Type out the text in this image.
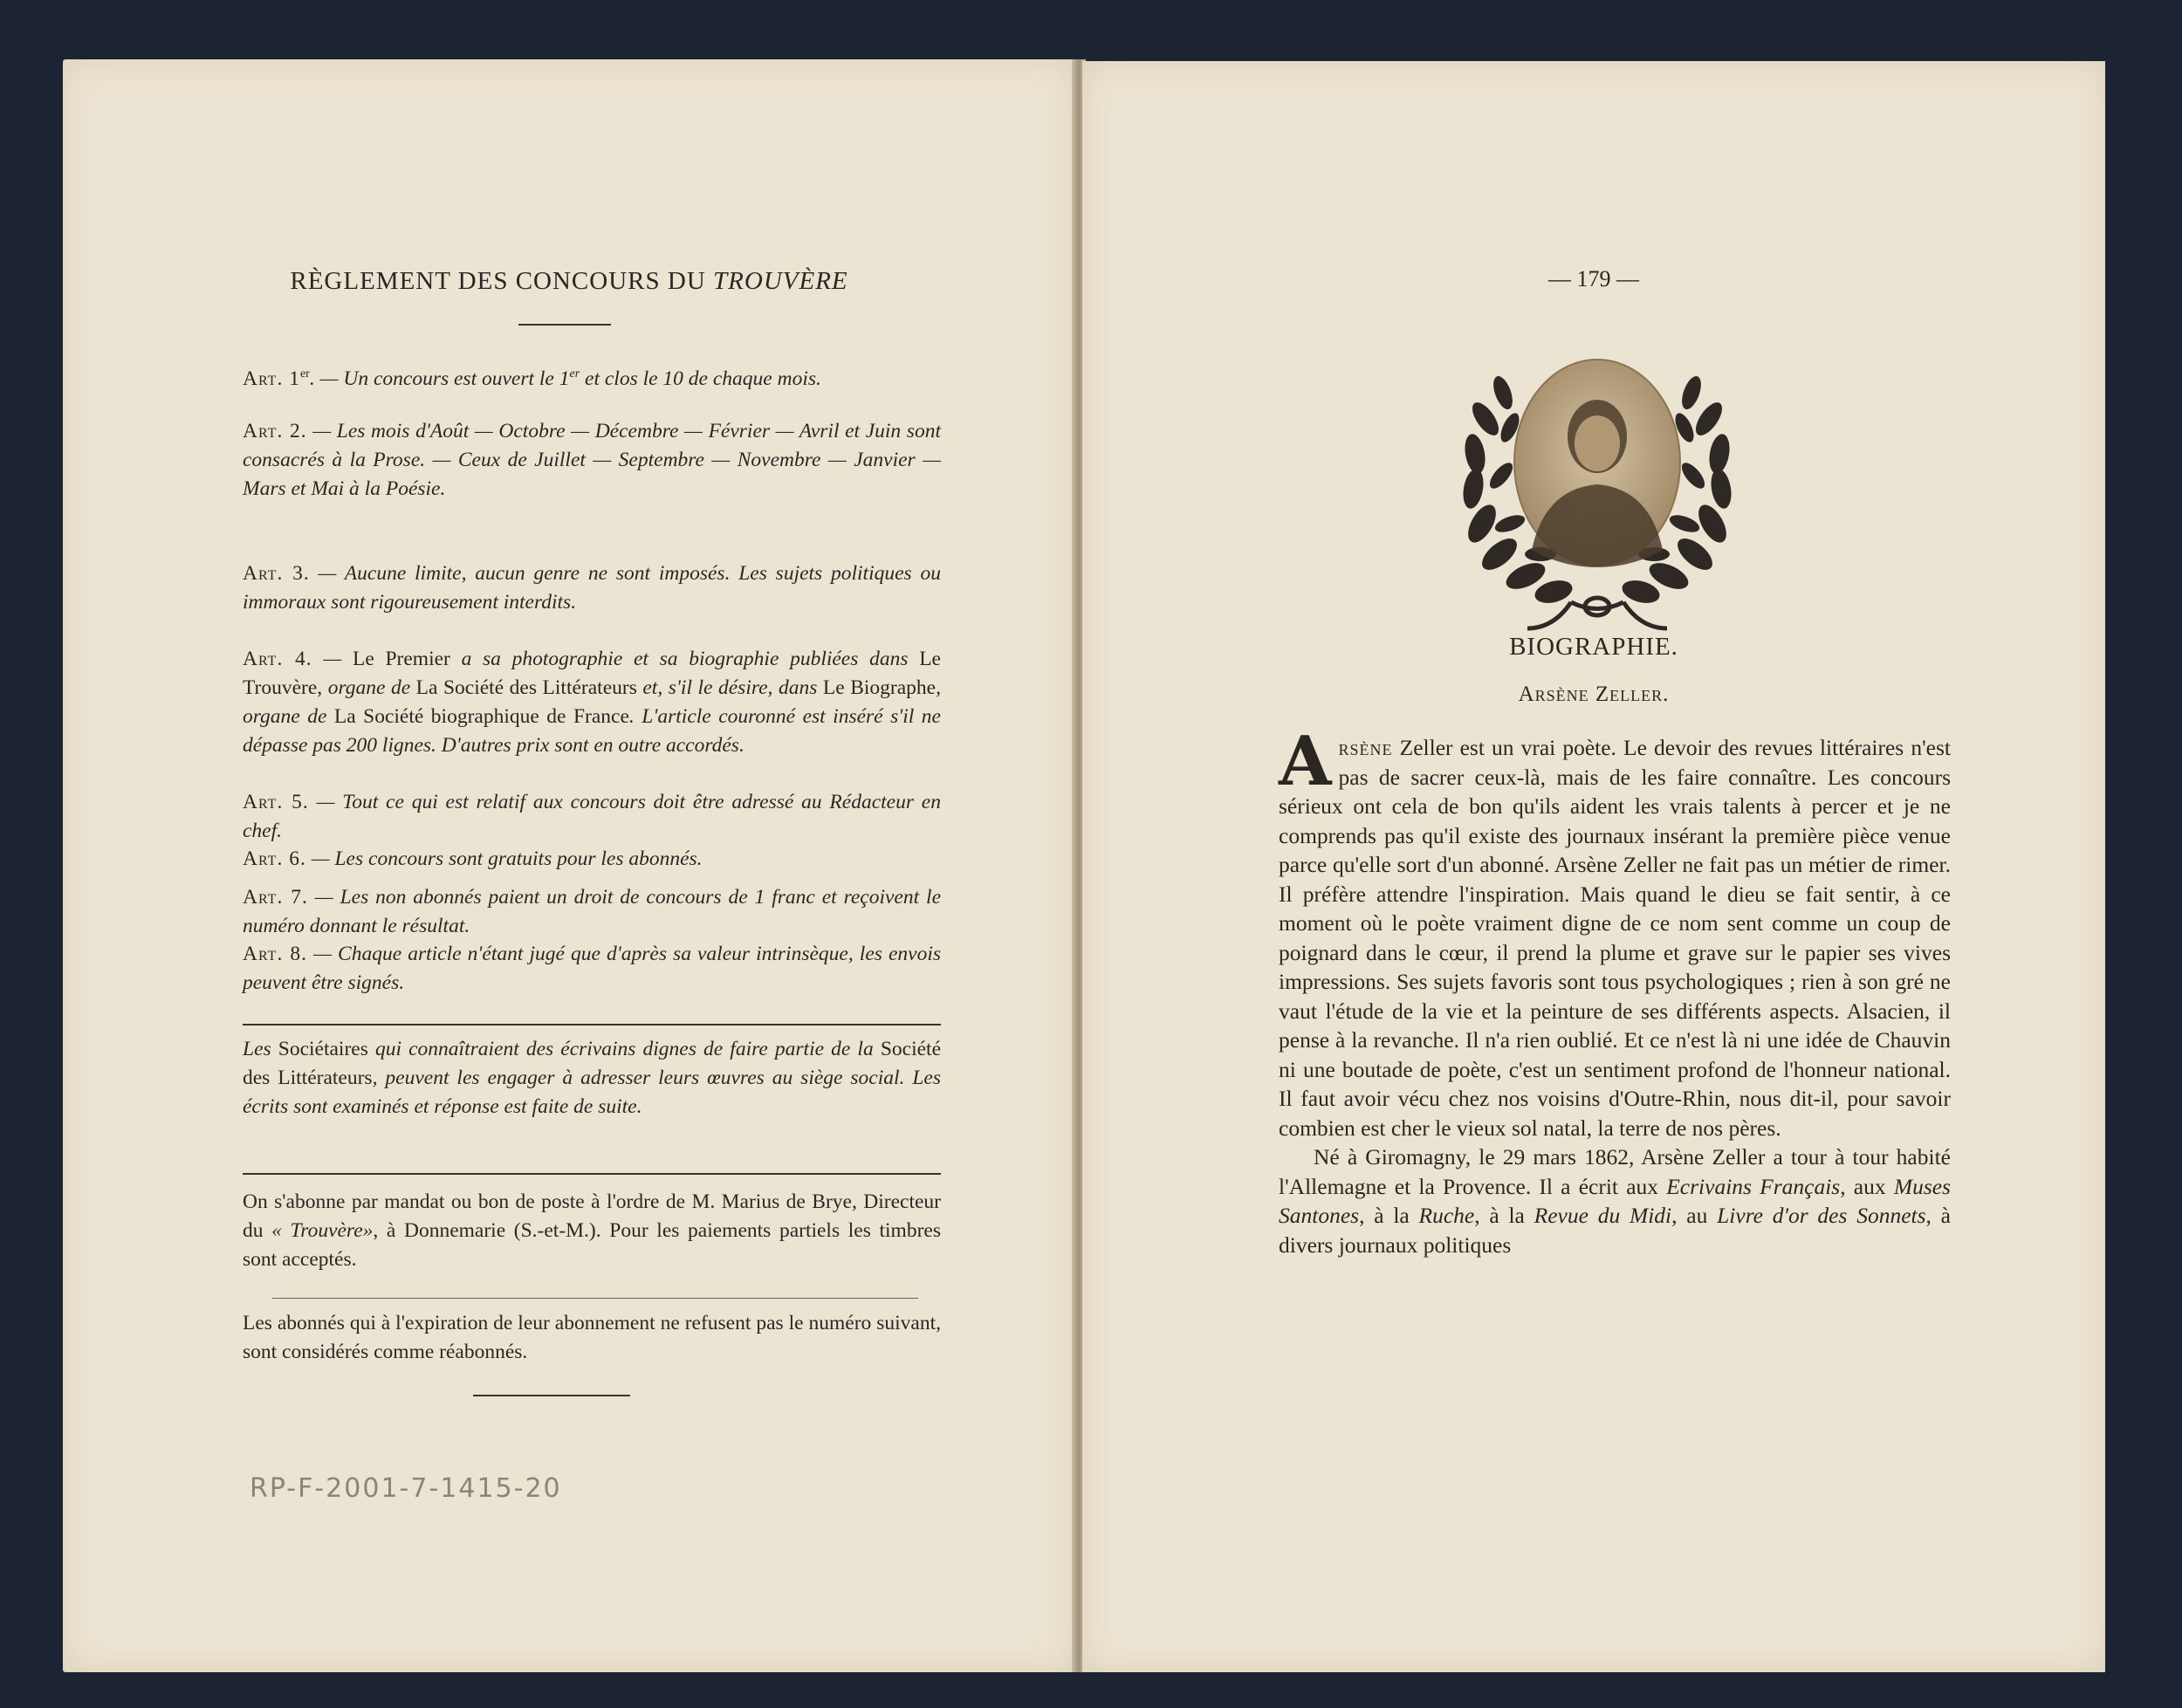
RÈGLEMENT DES CONCOURS DU TROUVÈRE
Art. 1er. — Un concours est ouvert le 1er et clos le 10 de chaque mois.
Art. 2. — Les mois d'Août — Octobre — Décembre — Février — Avril et Juin sont consacrés à la Prose. — Ceux de Juillet — Septembre — Novembre — Janvier — Mars et Mai à la Poésie.
Art. 3. — Aucune limite, aucun genre ne sont imposés. Les sujets politiques ou immoraux sont rigoureusement interdits.
Art. 4. — Le Premier a sa photographie et sa biographie publiées dans Le Trouvère, organe de La Société des Littérateurs et, s'il le désire, dans Le Biographe, organe de La Société biographique de France. L'article couronné est inséré s'il ne dépasse pas 200 lignes. D'autres prix sont en outre accordés.
Art. 5. — Tout ce qui est relatif aux concours doit être adressé au Rédacteur en chef.
Art. 6. — Les concours sont gratuits pour les abonnés.
Art. 7. — Les non abonnés paient un droit de concours de 1 franc et reçoivent le numéro donnant le résultat.
Art. 8. — Chaque article n'étant jugé que d'après sa valeur intrinsèque, les envois peuvent être signés.
Les Sociétaires qui connaîtraient des écrivains dignes de faire partie de la Société des Littérateurs, peuvent les engager à adresser leurs œuvres au siège social. Les écrits sont examinés et réponse est faite de suite.
On s'abonne par mandat ou bon de poste à l'ordre de M. Marius de Brye, Directeur du « Trouvère», à Donnemarie (S.-et-M.). Pour les paiements partiels les timbres sont acceptés.
Les abonnés qui à l'expiration de leur abonnement ne refusent pas le numéro suivant, sont considérés comme réabonnés.
RP-F-2001-7-1415-20
— 179 —
BIOGRAPHIE.
Arsène Zeller.

Arsène Zeller est un vrai poète. Le devoir des revues littéraires n'est pas de sacrer ceux-là, mais de les faire connaître. Les concours sérieux ont cela de bon qu'ils aident les vrais talents à percer et je ne comprends pas qu'il existe des journaux insérant la première pièce venue parce qu'elle sort d'un abonné. Arsène Zeller ne fait pas un métier de rimer. Il préfère attendre l'inspiration. Mais quand le dieu se fait sentir, à ce moment où le poète vraiment digne de ce nom sent comme un coup de poignard dans le cœur, il prend la plume et grave sur le papier ses vives impressions. Ses sujets favoris sont tous psychologiques ; rien à son gré ne vaut l'étude de la vie et la peinture de ses différents aspects. Alsacien, il pense à la revanche. Il n'a rien oublié. Et ce n'est là ni une idée de Chauvin ni une boutade de poète, c'est un sentiment profond de l'honneur national. Il faut avoir vécu chez nos voisins d'Outre-Rhin, nous dit-il, pour savoir combien est cher le vieux sol natal, la terre de nos pères.

Né à Giromagny, le 29 mars 1862, Arsène Zeller a tour à tour habité l'Allemagne et la Provence. Il a écrit aux Ecrivains Français, aux Muses Santones, à la Ruche, à la Revue du Midi, au Livre d'or des Sonnets, à divers journaux politiques
